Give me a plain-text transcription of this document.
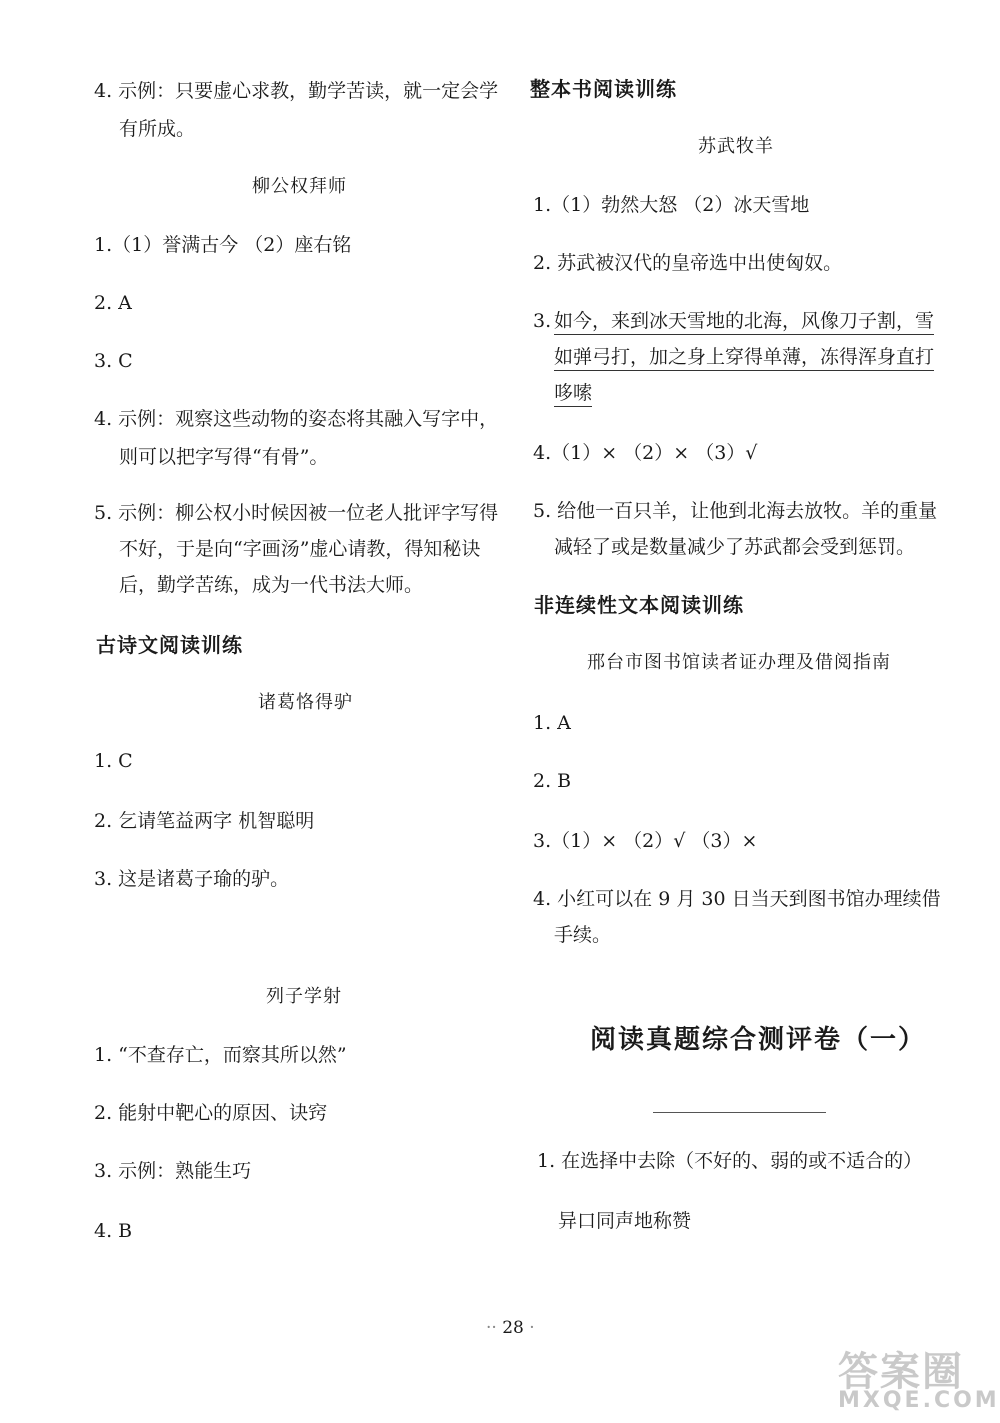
4. 示例：只要虚心求教，勤学苦读，就一定会学
有所成。
柳公权拜师
1.（1）誉满古今 （2）座右铭
2. A
3. C
4. 示例：观察这些动物的姿态将其融入写字中，
则可以把字写得“有骨”。
5. 示例：柳公权小时候因被一位老人批评字写得
不好，于是向“字画汤”虚心请教，得知秘诀
后，勤学苦练，成为一代书法大师。
古诗文阅读训练
诸葛恪得驴
1. C
2. 乞请笔益两字 机智聪明
3. 这是诸葛子瑜的驴。
列子学射
1. “不查存亡，而察其所以然”
2. 能射中靶心的原因、诀窍
3. 示例：熟能生巧
4. B
整本书阅读训练
苏武牧羊
1.（1）勃然大怒 （2）冰天雪地
2. 苏武被汉代的皇帝选中出使匈奴。
3. 如今，来到冰天雪地的北海，风像刀子割，雪
如弹弓打，加之身上穿得单薄，冻得浑身直打
哆嗦
4.（1）× （2）× （3）√
5. 给他一百只羊，让他到北海去放牧。羊的重量
减轻了或是数量减少了苏武都会受到惩罚。
非连续性文本阅读训练
邢台市图书馆读者证办理及借阅指南
1. A
2. B
3.（1）× （2）√ （3）×
4. 小红可以在 9 月 30 日当天到图书馆办理续借
手续。
阅读真题综合测评卷（一）
1. 在选择中去除（不好的、弱的或不适合的）
异口同声地称赞
·· 28 ·
答案圈
MXQE.COM
